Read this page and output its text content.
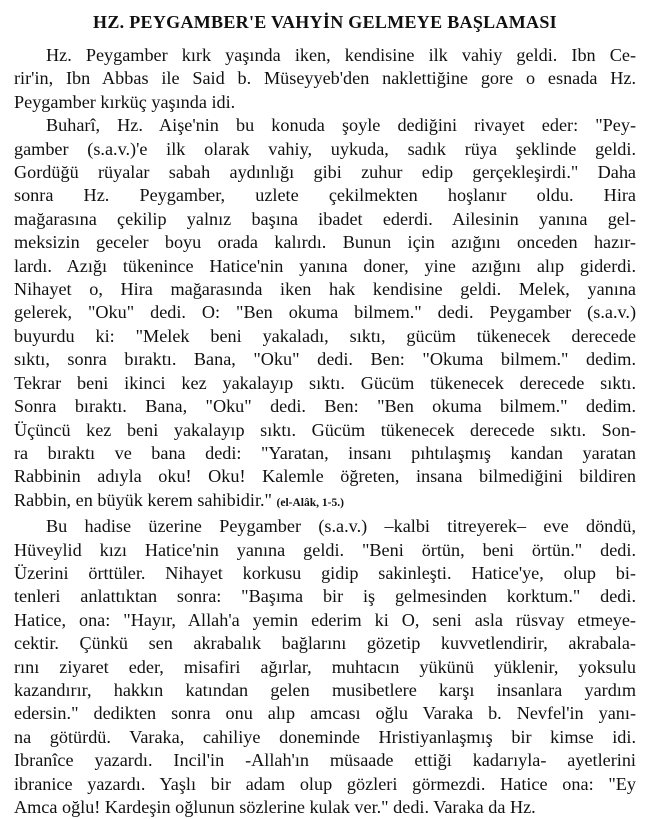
HZ. PEYGAMBER'E VAHYİN GELMEYE BAŞLAMASI

Hz. Peygamber kırk yaşında iken, kendisine ilk vahiy geldi. Ibn Ce-
rir'in, Ibn Abbas ile Said b. Müseyyeb'den naklettiğine gore o esnada Hz.
Peygamber kırküç yaşında idi.

Buharî, Hz. Aişe'nin bu konuda şoyle dediğini rivayet eder: "Pey-
gamber (s.a.v.)'e ilk olarak vahiy, uykuda, sadık rüya şeklinde geldi.
Gordüğü rüyalar sabah aydınlığı gibi zuhur edip gerçekleşirdi." Daha
sonra Hz. Peygamber, uzlete çekilmekten hoşlanır oldu. Hira
mağarasına çekilip yalnız başına ibadet ederdi. Ailesinin yanına gel-
meksizin geceler boyu orada kalırdı. Bunun için azığını onceden hazır-
lardı. Azığı tükenince Hatice'nin yanına doner, yine azığını alıp giderdi.
Nihayet o, Hira mağarasında iken hak kendisine geldi. Melek, yanına
gelerek, "Oku" dedi. O: "Ben okuma bilmem." dedi. Peygamber (s.a.v.)
buyurdu ki: "Melek beni yakaladı, sıktı, gücüm tükenecek derecede
sıktı, sonra bıraktı. Bana, "Oku" dedi. Ben: "Okuma bilmem." dedim.
Tekrar beni ikinci kez yakalayıp sıktı. Gücüm tükenecek derecede sıktı.
Sonra bıraktı. Bana, "Oku" dedi. Ben: "Ben okuma bilmem." dedim.
Üçüncü kez beni yakalayıp sıktı. Gücüm tükenecek derecede sıktı. Son-
ra bıraktı ve bana dedi: "Yaratan, insanı pıhtılaşmış kandan yaratan
Rabbinin adıyla oku! Oku! Kalemle öğreten, insana bilmediğini bildiren
Rabbin, en büyük kerem sahibidir." (el-Alâk, 1-5.)

Bu hadise üzerine Peygamber (s.a.v.) –kalbi titreyerek– eve döndü,
Hüveylid kızı Hatice'nin yanına geldi. "Beni örtün, beni örtün." dedi.
Üzerini örttüler. Nihayet korkusu gidip sakinleşti. Hatice'ye, olup bi-
tenleri anlattıktan sonra: "Başıma bir iş gelmesinden korktum." dedi.
Hatice, ona: "Hayır, Allah'a yemin ederim ki O, seni asla rüsvay etmeye-
cektir. Çünkü sen akrabalık bağlarını gözetip kuvvetlendirir, akrabala-
rını ziyaret eder, misafiri ağırlar, muhtacın yükünü yüklenir, yoksulu
kazandırır, hakkın katından gelen musibetlere karşı insanlara yardım
edersin." dedikten sonra onu alıp amcası oğlu Varaka b. Nevfel'in yanı-
na götürdü. Varaka, cahiliye doneminde Hristiyanlaşmış bir kimse idi.
Ibranîce yazardı. Incil'in -Allah'ın müsaade ettiği kadarıyla- ayetlerini
ibranice yazardı. Yaşlı bir adam olup gözleri görmezdi. Hatice ona: "Ey
Amca oğlu! Kardeşin oğlunun sözlerine kulak ver." dedi. Varaka da Hz.
